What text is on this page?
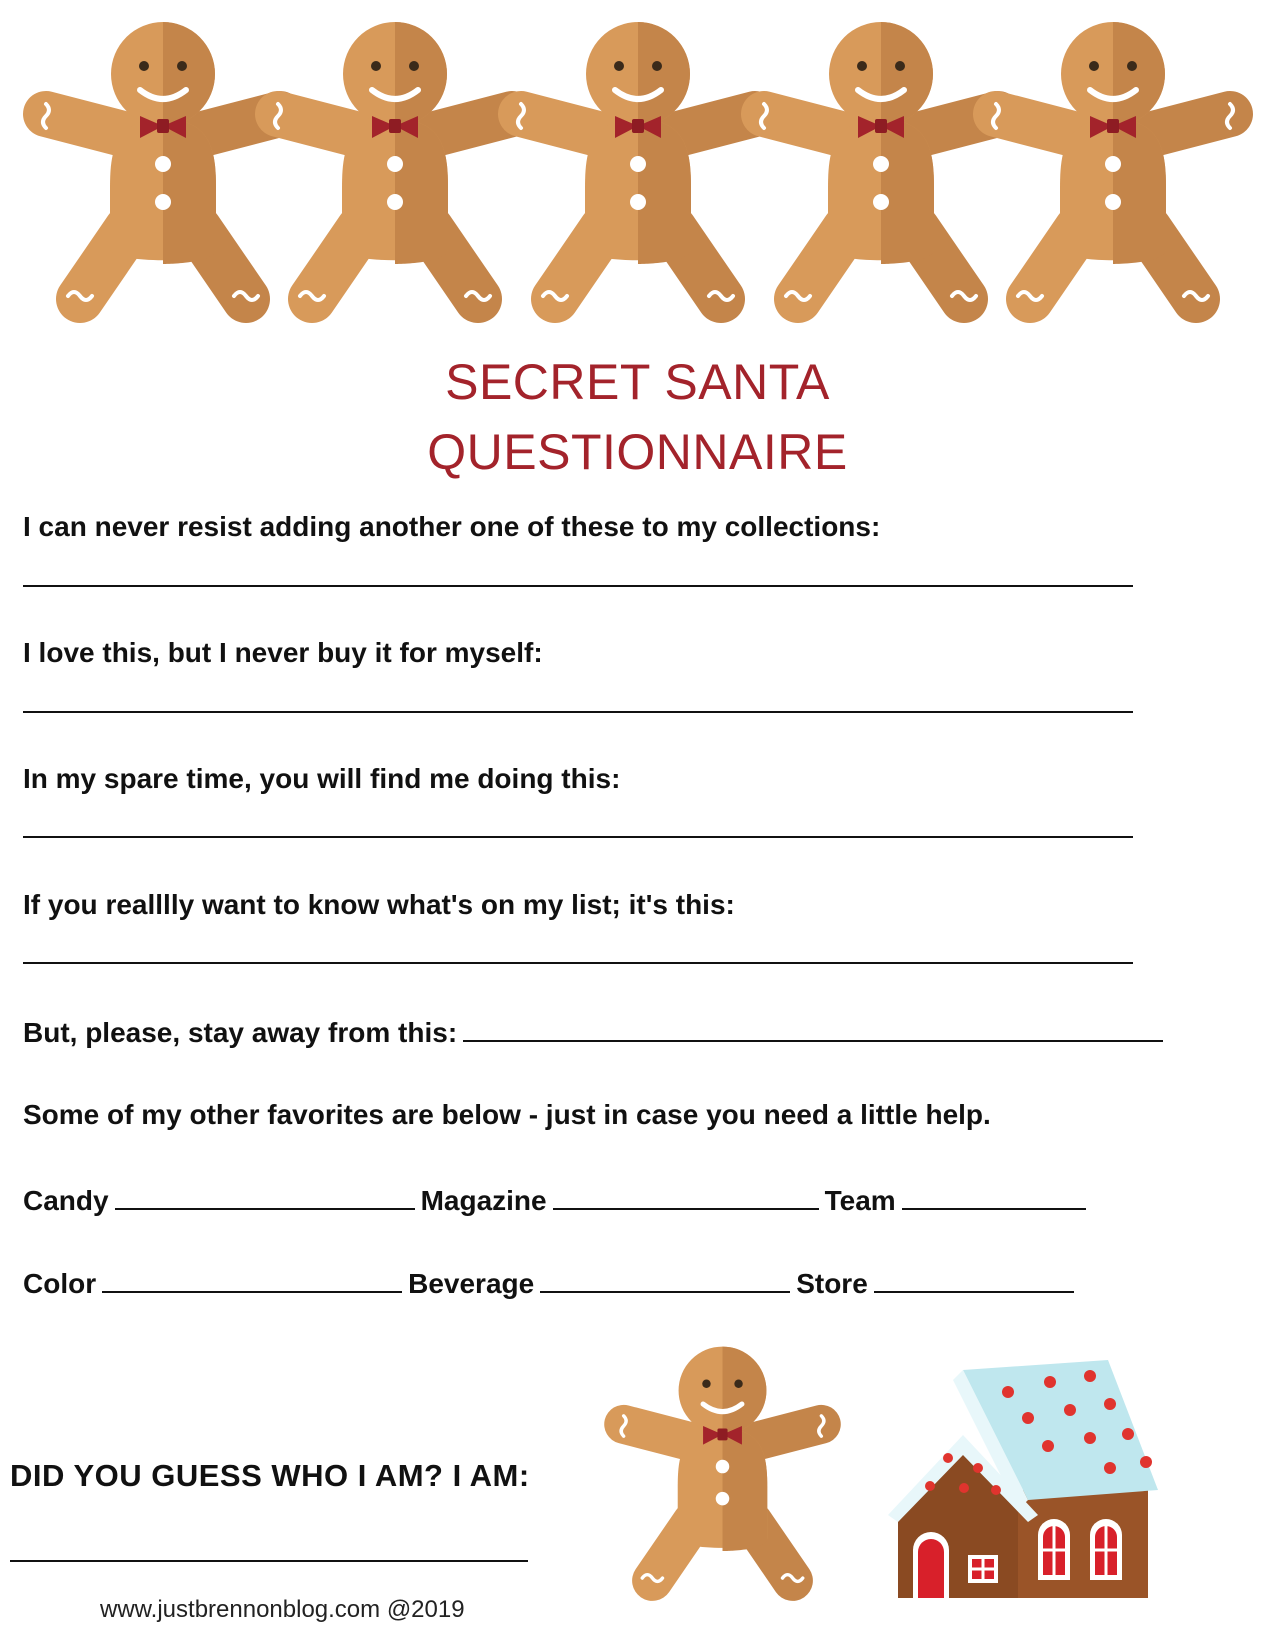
SECRET SANTA
QUESTIONNAIRE
I can never resist adding another one of these to my collections:
I love this, but I never buy it for myself:
In my spare time, you will find me doing this:
If you realllly want to know what's on my list; it's this:
But, please, stay away from this:
Some of my other favorites are below - just in case you need a little help.
Candy	Magazine	Team
Color	Beverage	Store
DID YOU GUESS WHO I AM? I AM:
www.justbrennonblog.com @2019
